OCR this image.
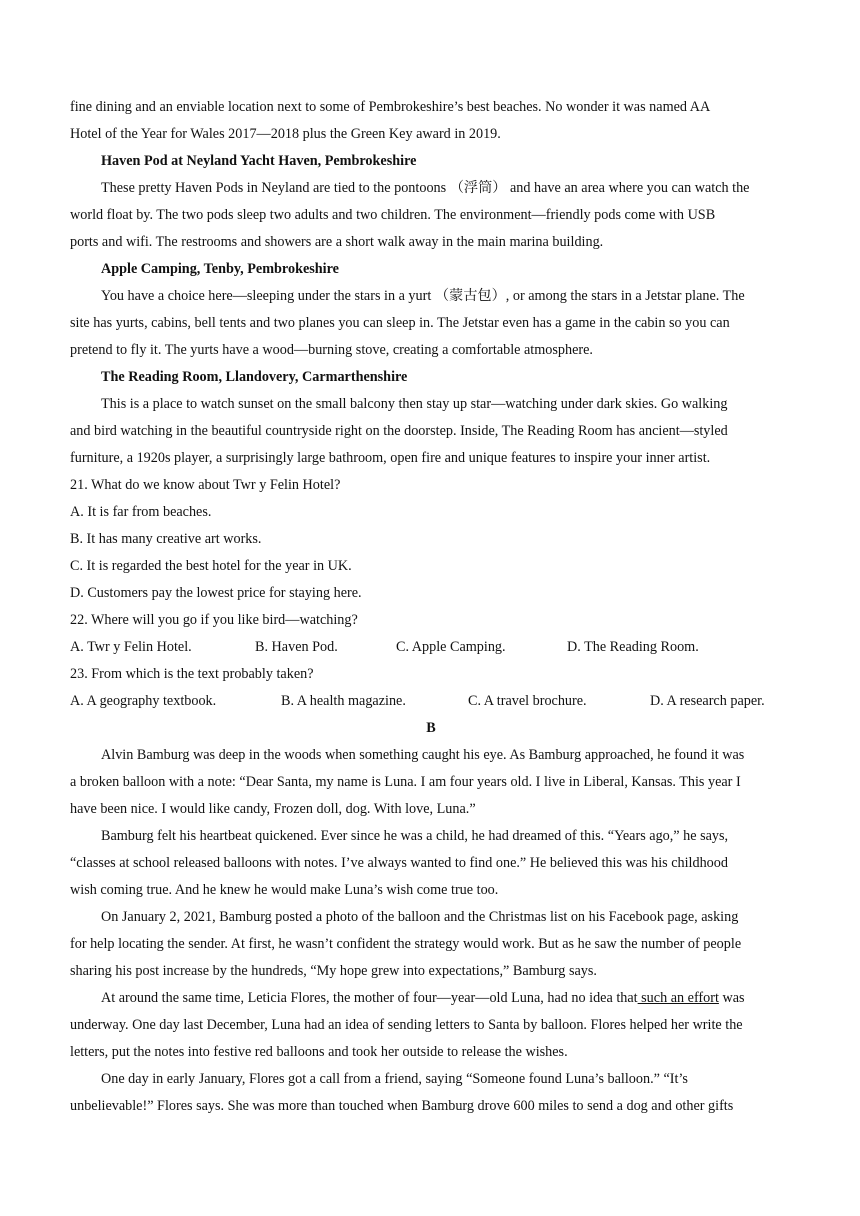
fine dining and an enviable location next to some of Pembrokeshire’s best beaches. No wonder it was named AA
Hotel of the Year for Wales 2017—2018 plus the Green Key award in 2019.
Haven Pod at Neyland Yacht Haven, Pembrokeshire
These pretty Haven Pods in Neyland are tied to the pontoons （浮筒） and have an area where you can watch the
world float by. The two pods sleep two adults and two children. The environment—friendly pods come with USB
ports and wifi. The restrooms and showers are a short walk away in the main marina building.
Apple Camping, Tenby, Pembrokeshire
You have a choice here—sleeping under the stars in a yurt （蒙古包）, or among the stars in a Jetstar plane. The
site has yurts, cabins, bell tents and two planes you can sleep in. The Jetstar even has a game in the cabin so you can
pretend to fly it. The yurts have a wood—burning stove, creating a comfortable atmosphere.
The Reading Room, Llandovery, Carmarthenshire
This is a place to watch sunset on the small balcony then stay up star—watching under dark skies. Go walking
and bird watching in the beautiful countryside right on the doorstep. Inside, The Reading Room has ancient—styled
furniture, a 1920s player, a surprisingly large bathroom, open fire and unique features to inspire your inner artist.
21. What do we know about Twr y Felin Hotel?
A. It is far from beaches.
B. It has many creative art works.
C. It is regarded the best hotel for the year in UK.
D. Customers pay the lowest price for staying here.
22. Where will you go if you like bird—watching?
A. Twr y Felin Hotel.	B. Haven Pod.	C. Apple Camping.	D. The Reading Room.
23. From which is the text probably taken?
A. A geography textbook.	B. A health magazine.	C. A travel brochure.	D. A research paper.
B
Alvin Bamburg was deep in the woods when something caught his eye. As Bamburg approached, he found it was
a broken balloon with a note: “Dear Santa, my name is Luna. I am four years old. I live in Liberal, Kansas. This year I
have been nice. I would like candy, Frozen doll, dog. With love, Luna.”
Bamburg felt his heartbeat quickened. Ever since he was a child, he had dreamed of this. “Years ago,” he says,
“classes at school released balloons with notes. I’ve always wanted to find one.” He believed this was his childhood
wish coming true. And he knew he would make Luna’s wish come true too.
On January 2, 2021, Bamburg posted a photo of the balloon and the Christmas list on his Facebook page, asking
for help locating the sender. At first, he wasn’t confident the strategy would work. But as he saw the number of people
sharing his post increase by the hundreds, “My hope grew into expectations,” Bamburg says.
At around the same time, Leticia Flores, the mother of four—year—old Luna, had no idea that such an effort was
underway. One day last December, Luna had an idea of sending letters to Santa by balloon. Flores helped her write the
letters, put the notes into festive red balloons and took her outside to release the wishes.
One day in early January, Flores got a call from a friend, saying “Someone found Luna’s balloon.” “It’s
unbelievable!” Flores says. She was more than touched when Bamburg drove 600 miles to send a dog and other gifts
